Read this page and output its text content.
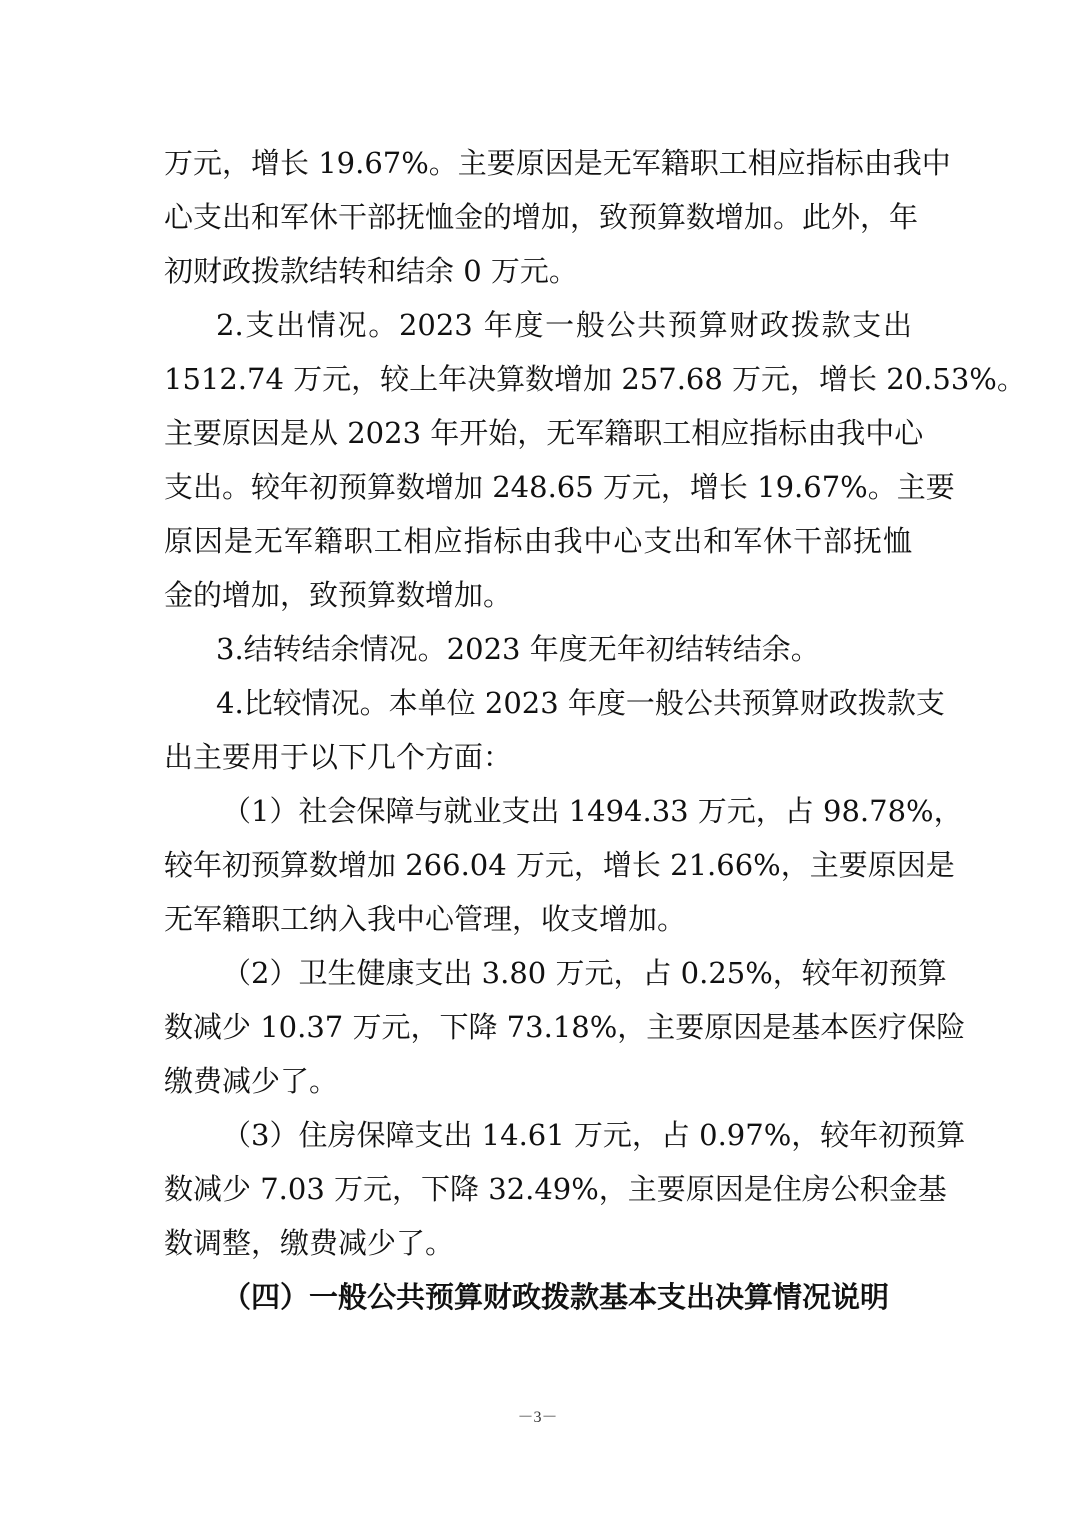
万元，增长 19.67%。主要原因是无军籍职工相应指标由我中
心支出和军休干部抚恤金的增加，致预算数增加。此外，年
初财政拨款结转和结余 0 万元。
2.支出情况。2023 年度一般公共预算财政拨款支出
1512.74 万元，较上年决算数增加 257.68 万元，增长 20.53%。
主要原因是从 2023 年开始，无军籍职工相应指标由我中心
支出。较年初预算数增加 248.65 万元，增长 19.67%。主要
原因是无军籍职工相应指标由我中心支出和军休干部抚恤
金的增加，致预算数增加。
3.结转结余情况。2023 年度无年初结转结余。
4.比较情况。本单位 2023 年度一般公共预算财政拨款支
出主要用于以下几个方面：
（1）社会保障与就业支出 1494.33 万元，占 98.78%，
较年初预算数增加 266.04 万元，增长 21.66%，主要原因是
无军籍职工纳入我中心管理，收支增加。
（2）卫生健康支出 3.80 万元，占 0.25%，较年初预算
数减少 10.37 万元，下降 73.18%，主要原因是基本医疗保险
缴费减少了。
（3）住房保障支出 14.61 万元，占 0.97%，较年初预算
数减少 7.03 万元，下降 32.49%，主要原因是住房公积金基
数调整，缴费减少了。
（四）一般公共预算财政拨款基本支出决算情况说明
－3－
